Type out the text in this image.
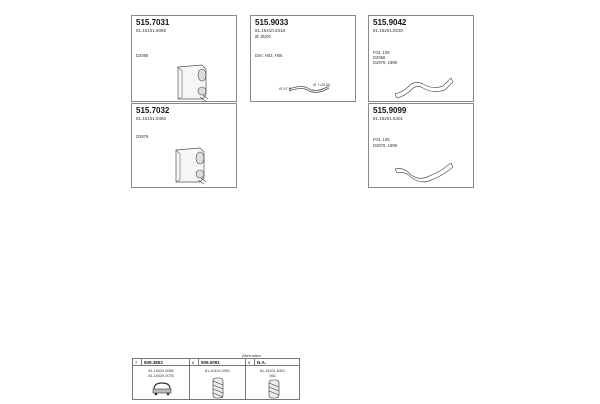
515.7031
81.15101.6065
D2066
515.9033
81.15410.5318
Ø: Ø100
Dim: H03, H06
Ø 97.5
Ø 7 Ø100
515.9042
81.15201.0230
F03, 106
D2066
D2876, 1999
515.7032
81.15101.0460
D2876
515.9099
81.15201.5401
F03, 106
D2876, 1999
Alternative
7 509.3853
81.15420.0065
81.15420.0078
8 509.0091
81.10110.0091
9 N.A.
81.15101.5401
060
